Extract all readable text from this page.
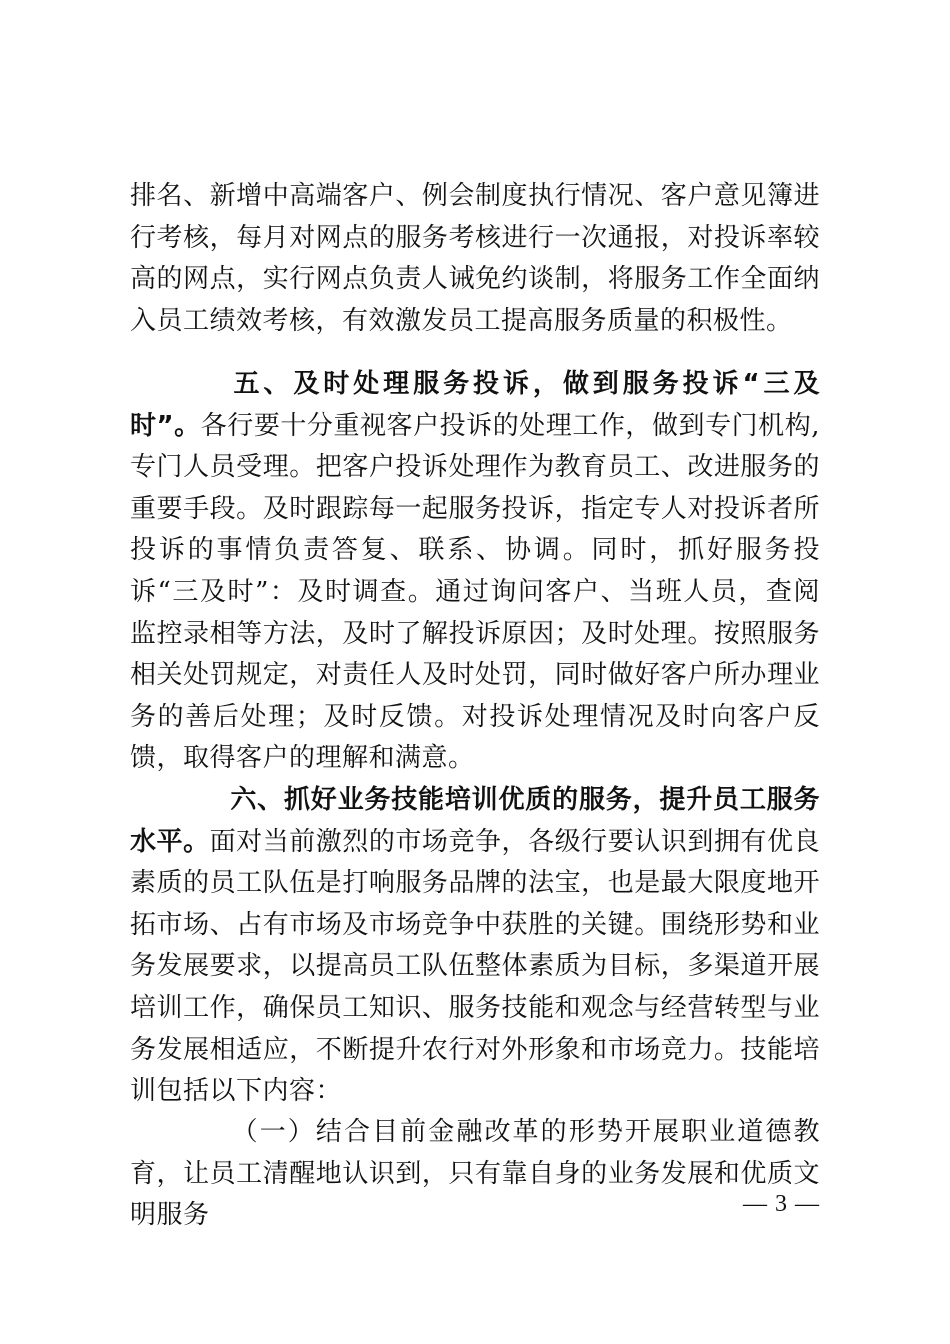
排名、新增中高端客户、例会制度执行情况、客户意见簿进行考核，每月对网点的服务考核进行一次通报，对投诉率较高的网点，实行网点负责人诫免约谈制，将服务工作全面纳入员工绩效考核，有效激发员工提高服务质量的积极性。

五、及时处理服务投诉，做到服务投诉“三及时”。各行要十分重视客户投诉的处理工作，做到专门机构,专门人员受理。把客户投诉处理作为教育员工、改进服务的重要手段。及时跟踪每一起服务投诉，指定专人对投诉者所投诉的事情负责答复、联系、协调。同时，抓好服务投诉“三及时”：及时调查。通过询问客户、当班人员，查阅监控录相等方法，及时了解投诉原因；及时处理。按照服务相关处罚规定，对责任人及时处罚，同时做好客户所办理业务的善后处理；及时反馈。对投诉处理情况及时向客户反馈，取得客户的理解和满意。

六、抓好业务技能培训优质的服务，提升员工服务水平。面对当前激烈的市场竞争，各级行要认识到拥有优良素质的员工队伍是打响服务品牌的法宝，也是最大限度地开拓市场、占有市场及市场竞争中获胜的关键。围绕形势和业务发展要求，以提高员工队伍整体素质为目标，多渠道开展培训工作，确保员工知识、服务技能和观念与经营转型与业务发展相适应，不断提升农行对外形象和市场竞力。技能培训包括以下内容：

（一）结合目前金融改革的形势开展职业道德教育，让员工清醒地认识到，只有靠自身的业务发展和优质文明服务	— 3 —
